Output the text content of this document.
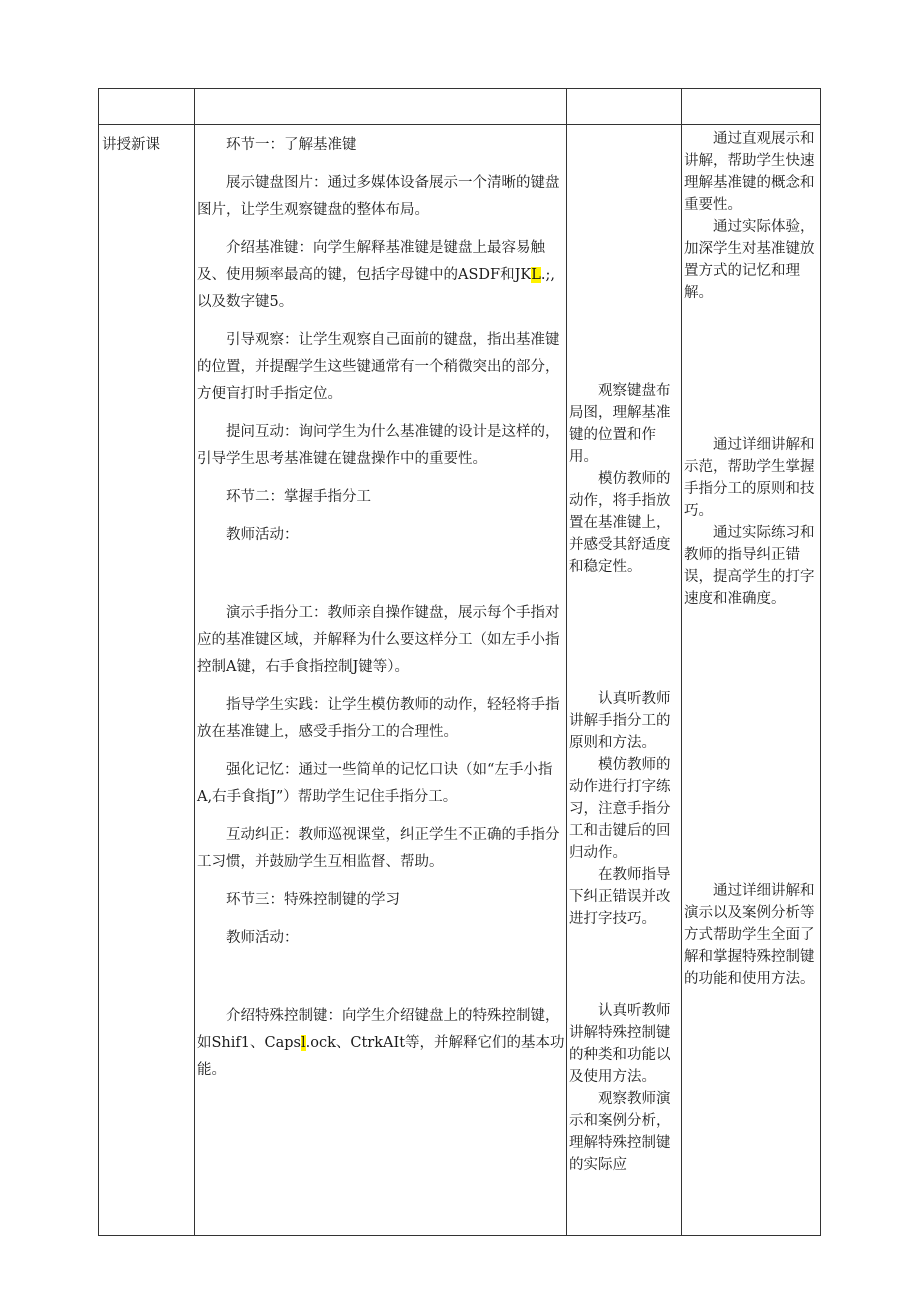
讲授新课	环节一：了解基准键

展示键盘图片：通过多媒体设备展示一个清晰的键盘图片，让学生观察键盘的整体布局。

介绍基准键：向学生解释基准键是键盘上最容易触及、使用频率最高的键，包括字母键中的ASDF和JKL.;,以及数字键5。

引导观察：让学生观察自己面前的键盘，指出基准键的位置，并提醒学生这些键通常有一个稍微突出的部分，方便盲打时手指定位。

提问互动：询问学生为什么基准键的设计是这样的，引导学生思考基准键在键盘操作中的重要性。

环节二：掌握手指分工

教师活动：

演示手指分工：教师亲自操作键盘，展示每个手指对应的基准键区域，并解释为什么要这样分工（如左手小指控制A键，右手食指控制J键等）。

指导学生实践：让学生模仿教师的动作，轻轻将手指放在基准键上，感受手指分工的合理性。

强化记忆：通过一些简单的记忆口诀（如“左手小指A,右手食指J”）帮助学生记住手指分工。

互动纠正：教师巡视课堂，纠正学生不正确的手指分工习惯，并鼓励学生互相监督、帮助。

环节三：特殊控制键的学习

教师活动：

介绍特殊控制键：向学生介绍键盘上的特殊控制键，如Shif1、Capsl.ock、CtrkAIt等，并解释它们的基本功能。

观察键盘布局图，理解基准键的位置和作用。

模仿教师的动作，将手指放置在基准键上，并感受其舒适度和稳定性。

认真听教师讲解手指分工的原则和方法。

模仿教师的动作进行打字练习，注意手指分工和击键后的回归动作。

在教师指导下纠正错误并改进打字技巧。

认真听教师讲解特殊控制键的种类和功能以及使用方法。

观察教师演示和案例分析，理解特殊控制键的实际应

通过直观展示和讲解，帮助学生快速理解基准键的概念和重要性。

通过实际体验，加深学生对基准键放置方式的记忆和理解。

通过详细讲解和示范，帮助学生掌握手指分工的原则和技巧。

通过实际练习和教师的指导纠正错误，提高学生的打字速度和准确度。

通过详细讲解和演示以及案例分析等方式帮助学生全面了解和掌握特殊控制键的功能和使用方法。
